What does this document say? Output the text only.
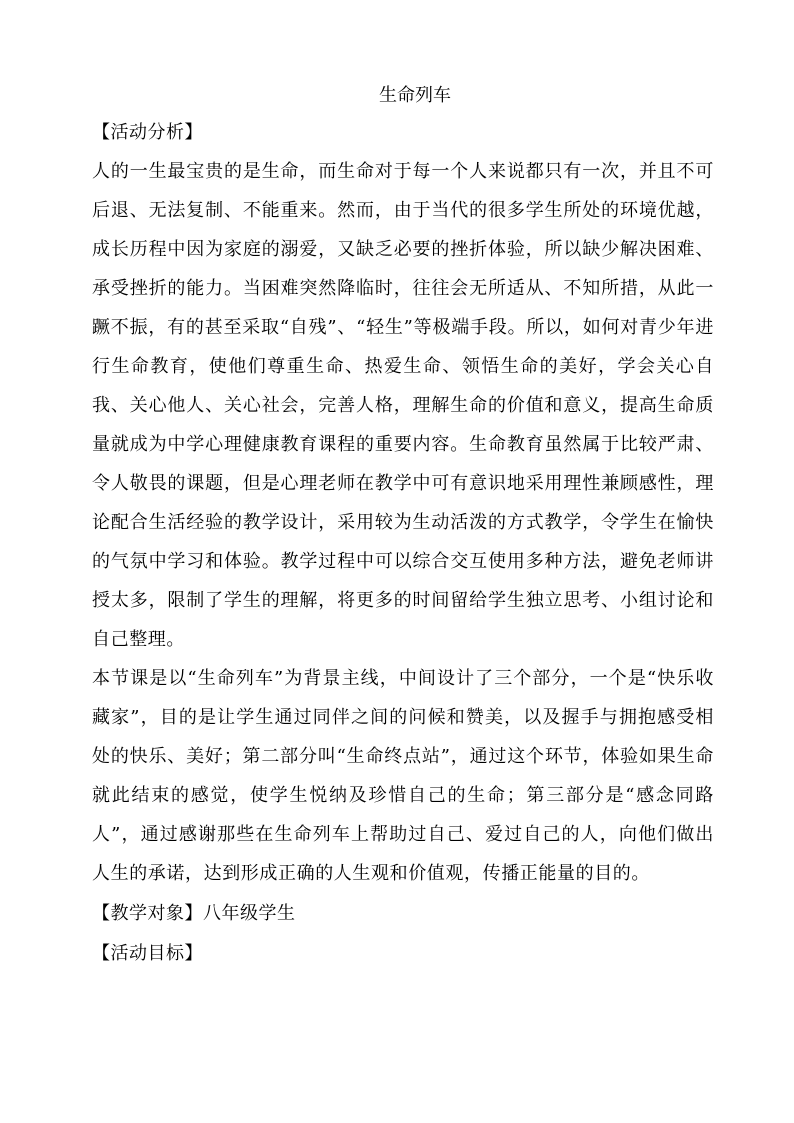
生命列车
【活动分析】
人的一生最宝贵的是生命，而生命对于每一个人来说都只有一次，并且不可后退、无法复制、不能重来。然而，由于当代的很多学生所处的环境优越，成长历程中因为家庭的溺爱，又缺乏必要的挫折体验，所以缺少解决困难、承受挫折的能力。当困难突然降临时，往往会无所适从、不知所措，从此一蹶不振，有的甚至采取“自残”、“轻生”等极端手段。所以，如何对青少年进行生命教育，使他们尊重生命、热爱生命、领悟生命的美好，学会关心自我、关心他人、关心社会，完善人格，理解生命的价值和意义，提高生命质量就成为中学心理健康教育课程的重要内容。生命教育虽然属于比较严肃、令人敬畏的课题，但是心理老师在教学中可有意识地采用理性兼顾感性，理论配合生活经验的教学设计，采用较为生动活泼的方式教学，令学生在愉快的气氛中学习和体验。教学过程中可以综合交互使用多种方法，避免老师讲授太多，限制了学生的理解，将更多的时间留给学生独立思考、小组讨论和自己整理。
本节课是以“生命列车”为背景主线，中间设计了三个部分，一个是“快乐收藏家”，目的是让学生通过同伴之间的问候和赞美，以及握手与拥抱感受相处的快乐、美好；第二部分叫“生命终点站”，通过这个环节，体验如果生命就此结束的感觉，使学生悦纳及珍惜自己的生命；第三部分是“感念同路人”，通过感谢那些在生命列车上帮助过自己、爱过自己的人，向他们做出人生的承诺，达到形成正确的人生观和价值观，传播正能量的目的。
【教学对象】八年级学生
【活动目标】
